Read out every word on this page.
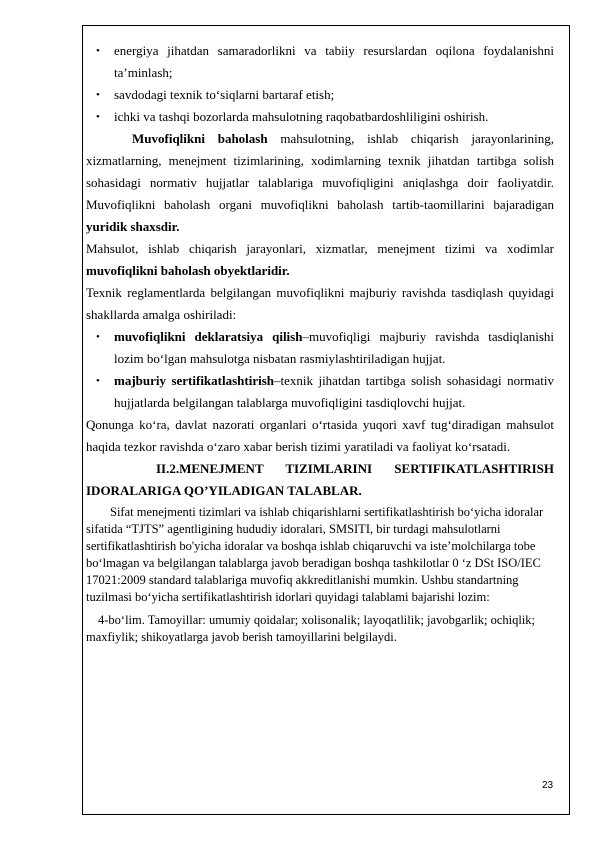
• energiya jihatdan samaradorlikni va tabiiy resurslardan oqilona foydalanishni taʼminlash;
• savdodagi texnik toʻsiqlarni bartaraf etish;
• ichki va tashqi bozorlarda mahsulotning raqobatbardoshliligini oshirish.

Muvofiqlikni baholash mahsulotning, ishlab chiqarish jarayonlarining, xizmatlarning, menejment tizimlarining, xodimlarning texnik jihatdan tartibga solish sohasidagi normativ hujjatlar talablariga muvofiqligini aniqlashga doir faoliyatdir. Muvofiqlikni baholash organi muvofiqlikni baholash tartib-taomillarini bajaradigan yuridik shaxsdir.

Mahsulot, ishlab chiqarish jarayonlari, xizmatlar, menejment tizimi va xodimlar muvofiqlikni baholash obyektlaridir.

Texnik reglamentlarda belgilangan muvofiqlikni majburiy ravishda tasdiqlash quyidagi shakllarda amalga oshiriladi:

• muvofiqlikni deklaratsiya qilish–muvofiqligi majburiy ravishda tasdiqlanishi lozim boʻlgan mahsulotga nisbatan rasmiylashtiriladigan hujjat.
• majburiy sertifikatlashtirish–texnik jihatdan tartibga solish sohasidagi normativ hujjatlarda belgilangan talablarga muvofiqligini tasdiqlovchi hujjat.

Qonunga koʻra, davlat nazorati organlari oʻrtasida yuqori xavf tugʻdiradigan mahsulot haqida tezkor ravishda oʻzaro xabar berish tizimi yaratiladi va faoliyat koʻrsatadi.

II.2.MENEJMENT TIZIMLARINI SERTIFIKATLASHTIRISH IDORALARIGA QOʼYILADIGAN TALABLAR.

Sifat menejmenti tizimlari va ishlab chiqarishlarni sertifikatlashtirish bo‘yicha idoralar sifatida “TJTS” agentligining hududiy idoralari, SMSITI, bir turdagi mahsulotlarni sertifikatlashtirish bo'yicha idoralar va boshqa ishlab chiqaruvchi va iste’molchilarga tobe bo‘lmagan va belgilangan talablarga javob beradigan boshqa tashkilotlar 0 ‘z DSt ISO/IEC 17021:2009 standard talablariga muvofiq akkreditlanishi mumkin. Ushbu standartning tuzilmasi bo‘yicha sertifikatlashtirish idorlari quyidagi talablami bajarishi lozim:

4-bo‘lim. Tamoyillar: umumiy qoidalar; xolisonalik; layoqatlilik; javobgarlik; ochiqlik; maxfiylik; shikoyatlarga javob berish tamoyillarini belgilaydi.

23
